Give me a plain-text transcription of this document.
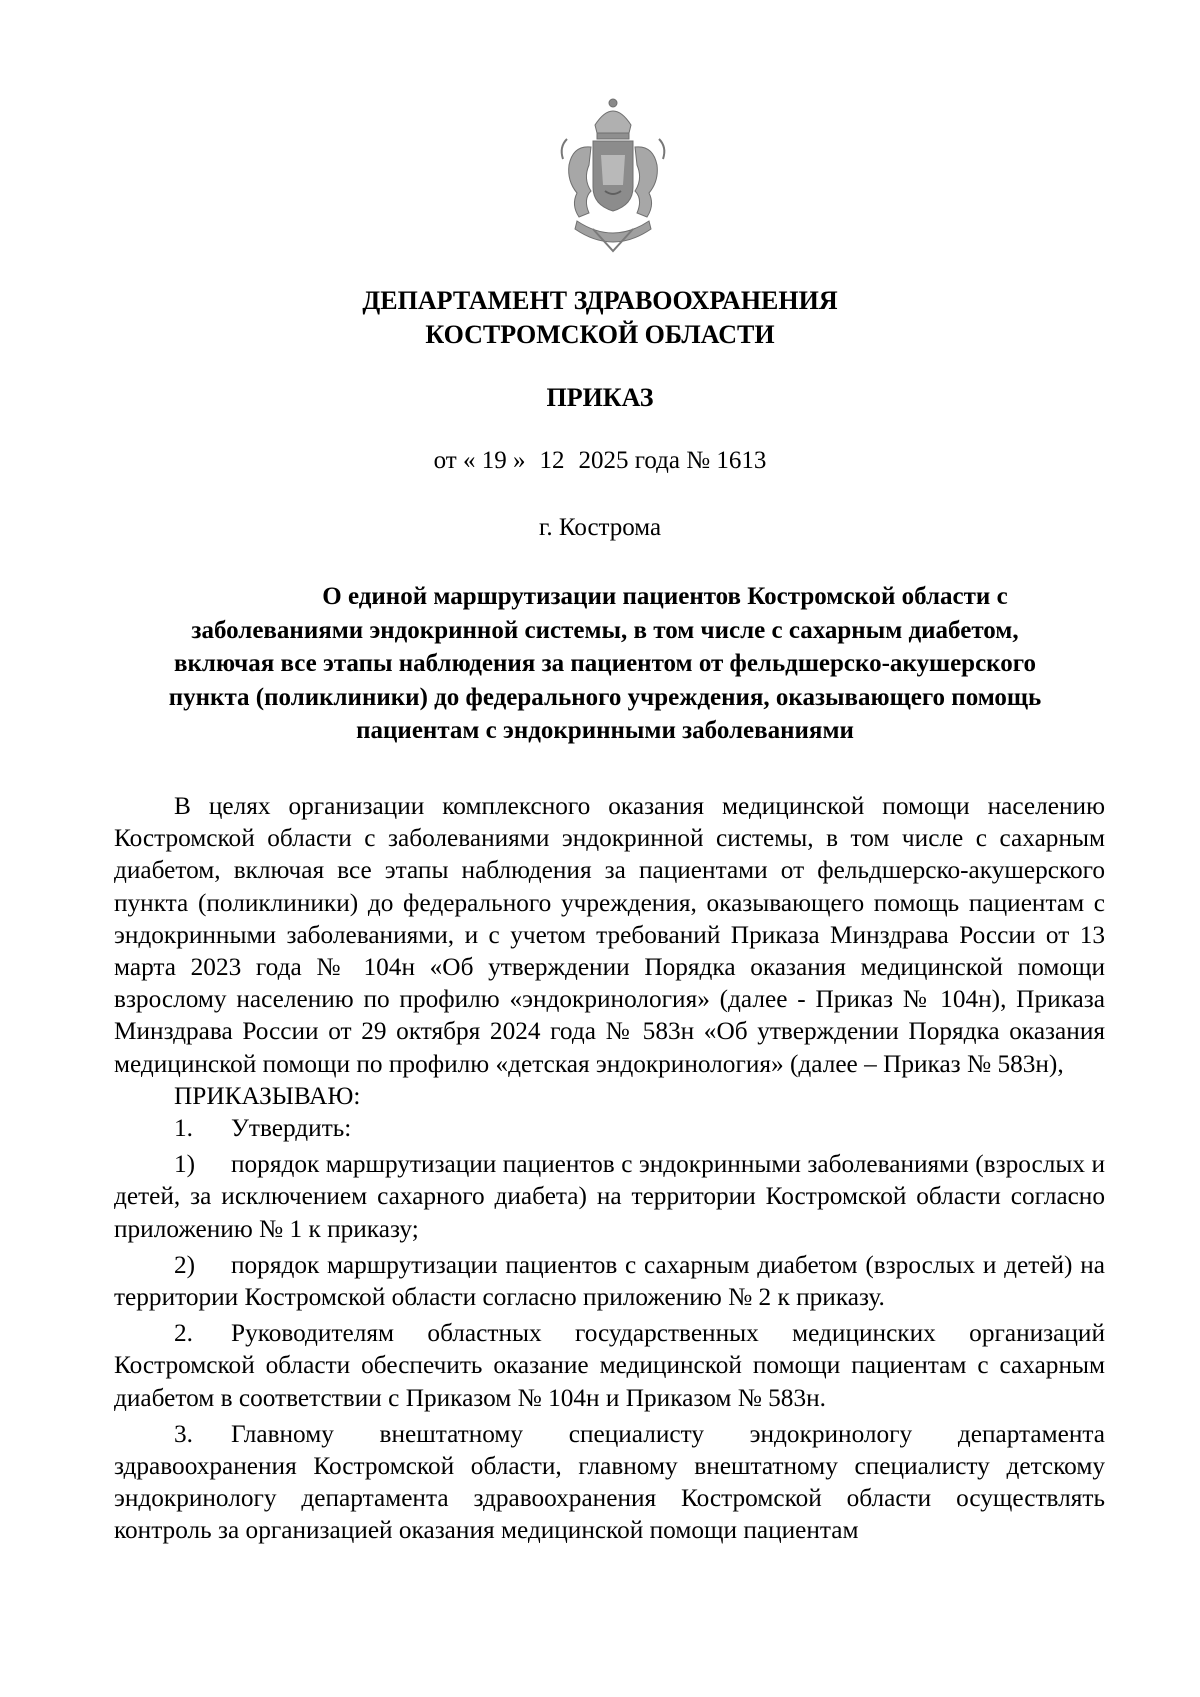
ДЕПАРТАМЕНТ ЗДРАВООХРАНЕНИЯ
КОСТРОМСКОЙ ОБЛАСТИ
ПРИКАЗ
от « 19 » 12 2025 года № 1613
г. Кострома
О единой маршрутизации пациентов Костромской области с
заболеваниями эндокринной системы, в том числе с сахарным диабетом,
включая все этапы наблюдения за пациентом от фельдшерско-акушерского
пункта (поликлиники) до федерального учреждения, оказывающего помощь
пациентам с эндокринными заболеваниями

В целях организации комплексного оказания медицинской помощи населению Костромской области с заболеваниями эндокринной системы, в том числе с сахарным диабетом, включая все этапы наблюдения за пациентами от фельдшерско-акушерского пункта (поликлиники) до федерального учреждения, оказывающего помощь пациентам с эндокринными заболеваниями, и с учетом требований Приказа Минздрава России от 13 марта 2023 года № 104н «Об утверждении Порядка оказания медицинской помощи взрослому населению по профилю «эндокринология» (далее - Приказ № 104н), Приказа Минздрава России от 29 октября 2024 года № 583н «Об утверждении Порядка оказания медицинской помощи по профилю «детская эндокринология» (далее – Приказ № 583н),

ПРИКАЗЫВАЮ:

1. Утвердить:

1) порядок маршрутизации пациентов с эндокринными заболеваниями (взрослых и детей, за исключением сахарного диабета) на территории Костромской области согласно приложению № 1 к приказу;

2) порядок маршрутизации пациентов с сахарным диабетом (взрослых и детей) на территории Костромской области согласно приложению № 2 к приказу.

2. Руководителям областных государственных медицинских организаций Костромской области обеспечить оказание медицинской помощи пациентам с сахарным диабетом в соответствии с Приказом № 104н и Приказом № 583н.

3. Главному внештатному специалисту эндокринологу департамента здравоохранения Костромской области, главному внештатному специалисту детскому эндокринологу департамента здравоохранения Костромской области осуществлять контроль за организацией оказания медицинской помощи пациентам
